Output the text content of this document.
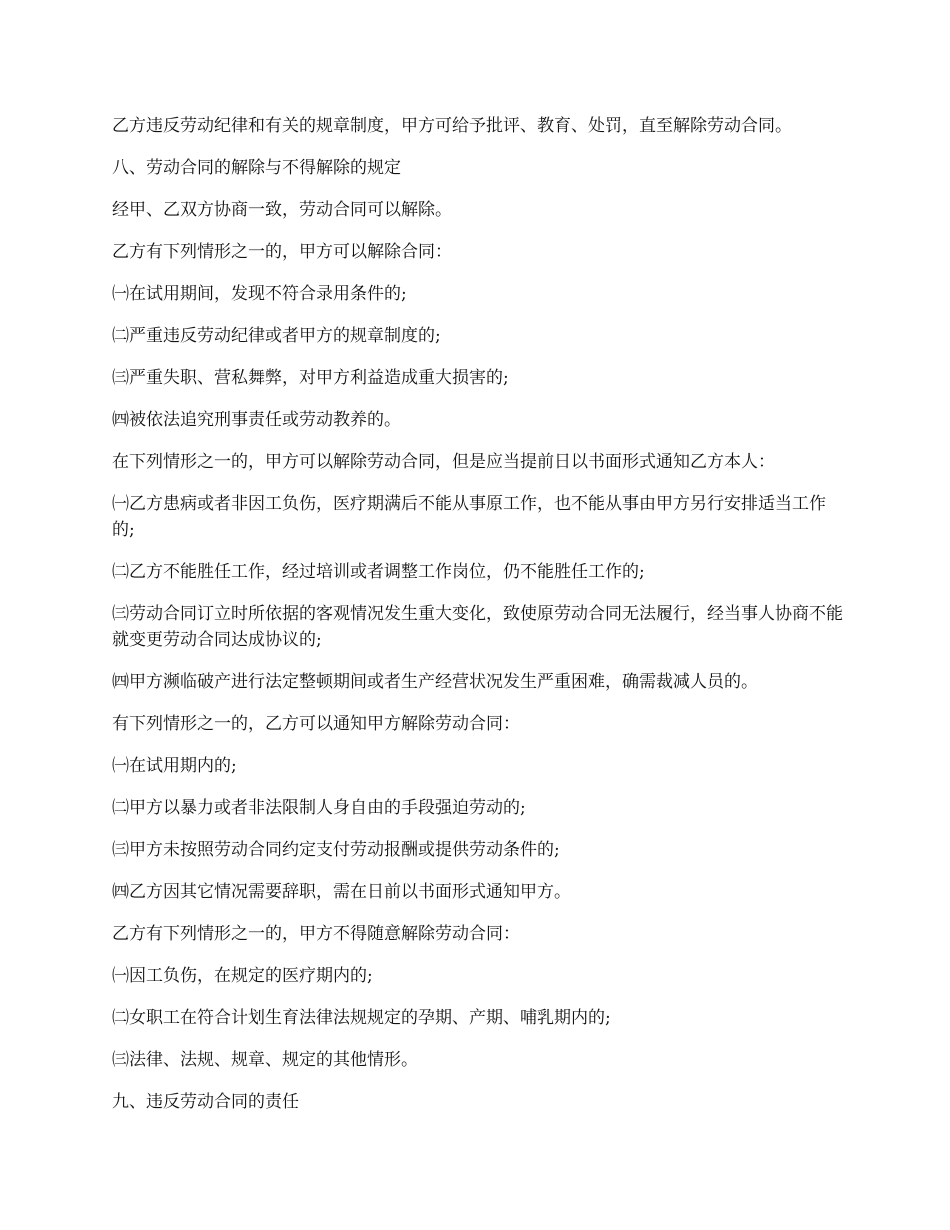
乙方违反劳动纪律和有关的规章制度，甲方可给予批评、教育、处罚，直至解除劳动合同。

八、劳动合同的解除与不得解除的规定

经甲、乙双方协商一致，劳动合同可以解除。

乙方有下列情形之一的，甲方可以解除合同：

㈠在试用期间，发现不符合录用条件的;

㈡严重违反劳动纪律或者甲方的规章制度的;

㈢严重失职、营私舞弊，对甲方利益造成重大损害的;

㈣被依法追究刑事责任或劳动教养的。

在下列情形之一的，甲方可以解除劳动合同，但是应当提前日以书面形式通知乙方本人：

㈠乙方患病或者非因工负伤，医疗期满后不能从事原工作，也不能从事由甲方另行安排适当工作的;

㈡乙方不能胜任工作，经过培训或者调整工作岗位，仍不能胜任工作的;

㈢劳动合同订立时所依据的客观情况发生重大变化，致使原劳动合同无法履行，经当事人协商不能就变更劳动合同达成协议的;

㈣甲方濒临破产进行法定整顿期间或者生产经营状况发生严重困难，确需裁减人员的。

有下列情形之一的，乙方可以通知甲方解除劳动合同：

㈠在试用期内的;

㈡甲方以暴力或者非法限制人身自由的手段强迫劳动的;

㈢甲方未按照劳动合同约定支付劳动报酬或提供劳动条件的;

㈣乙方因其它情况需要辞职，需在日前以书面形式通知甲方。

乙方有下列情形之一的，甲方不得随意解除劳动合同：

㈠因工负伤，在规定的医疗期内的;

㈡女职工在符合计划生育法律法规规定的孕期、产期、哺乳期内的;

㈢法律、法规、规章、规定的其他情形。

九、违反劳动合同的责任
